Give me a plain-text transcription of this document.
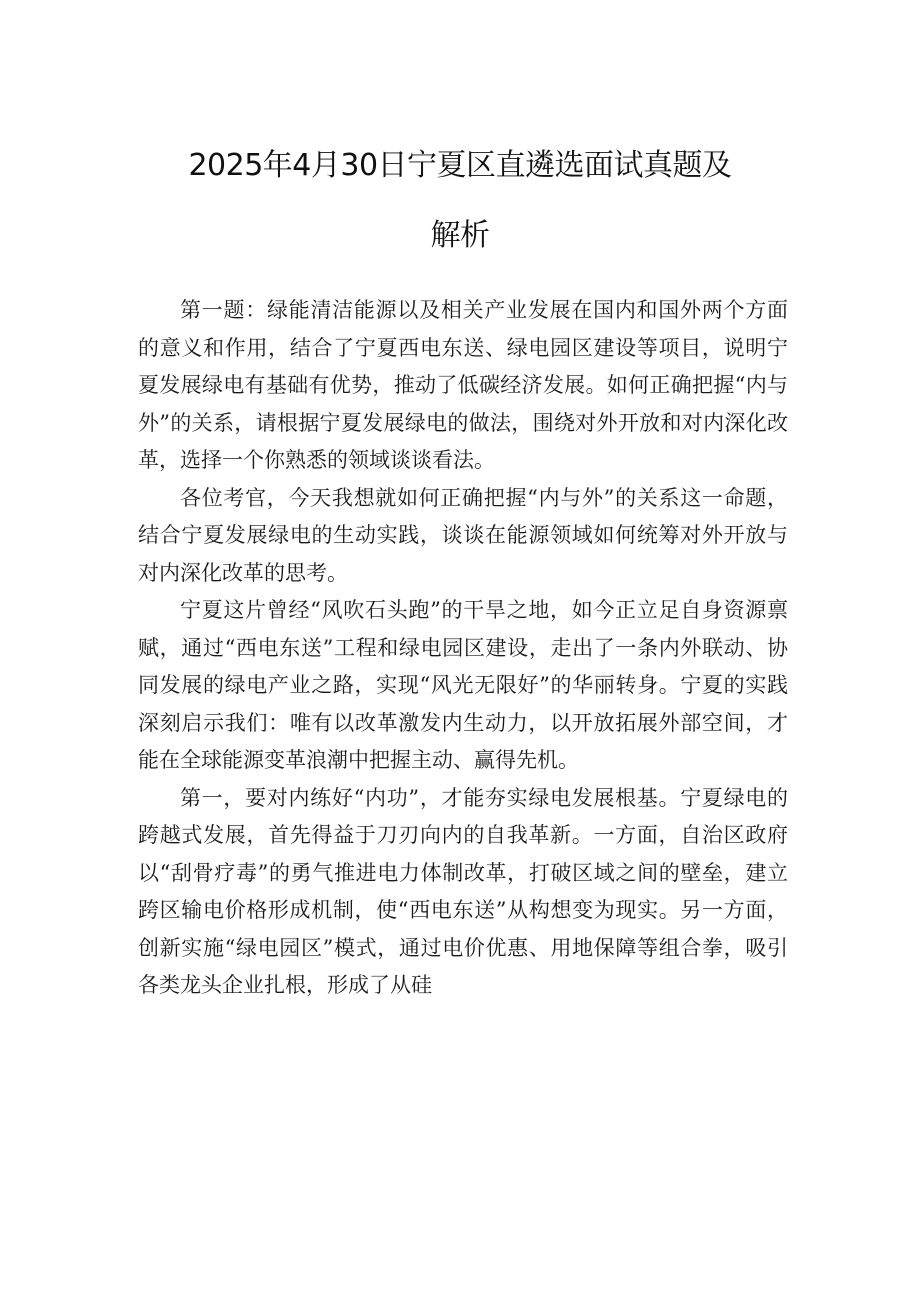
2025年4月30日宁夏区直遴选面试真题及
解析

第一题：绿能清洁能源以及相关产业发展在国内和国外两个方面的意义和作用，结合了宁夏西电东送、绿电园区建设等项目，说明宁夏发展绿电有基础有优势，推动了低碳经济发展。如何正确把握“内与外”的关系，请根据宁夏发展绿电的做法，围绕对外开放和对内深化改革，选择一个你熟悉的领域谈谈看法。

各位考官，今天我想就如何正确把握“内与外”的关系这一命题，结合宁夏发展绿电的生动实践，谈谈在能源领域如何统筹对外开放与对内深化改革的思考。

宁夏这片曾经“风吹石头跑”的干旱之地，如今正立足自身资源禀赋，通过“西电东送”工程和绿电园区建设，走出了一条内外联动、协同发展的绿电产业之路，实现“风光无限好”的华丽转身。宁夏的实践深刻启示我们：唯有以改革激发内生动力，以开放拓展外部空间，才能在全球能源变革浪潮中把握主动、赢得先机。

第一，要对内练好“内功”，才能夯实绿电发展根基。宁夏绿电的跨越式发展，首先得益于刀刃向内的自我革新。一方面，自治区政府以“刮骨疗毒”的勇气推进电力体制改革，打破区域之间的壁垒，建立跨区输电价格形成机制，使“西电东送”从构想变为现实。另一方面，创新实施“绿电园区”模式，通过电价优惠、用地保障等组合拳，吸引各类龙头企业扎根，形成了从硅
